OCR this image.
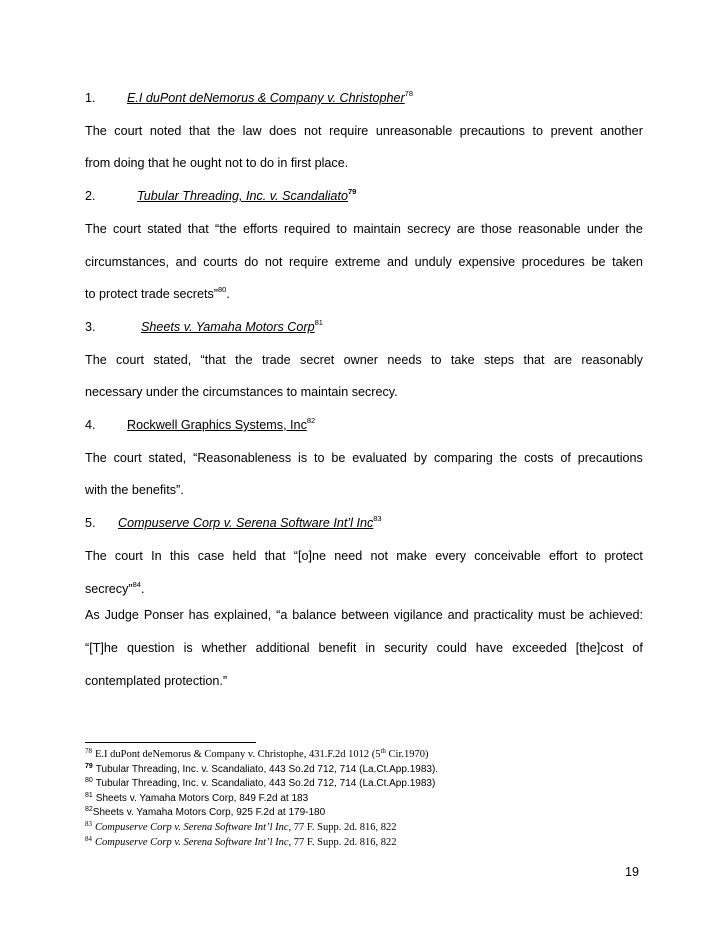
1. E.I duPont deNemorus & Company v. Christopher$^{78}$
The court noted that the law does not require unreasonable precautions to prevent another
from doing that he ought not to do in first place.
2.	Tubular Threading, Inc. v. Scandaliato$^{79}$
The court stated that “the efforts required to maintain secrecy are those reasonable under the
circumstances, and courts do not require extreme and unduly expensive procedures be taken
to protect trade secrets”$^{80}$.
3.	Sheets v. Yamaha Motors Corp$^{81}$
The court stated, “that the trade secret owner needs to take steps that are reasonably
necessary under the circumstances to maintain secrecy.
4. Rockwell Graphics Systems, Inc$^{82}$
The court stated, “Reasonableness is to be evaluated by comparing the costs of precautions
with the benefits”.
5. Compuserve Corp v. Serena Software Int’l Inc$^{83}$
The court In this case held that “[o]ne need not make every conceivable effort to protect
secrecy”$^{84}$.
As Judge Ponser has explained, “a balance between vigilance and practicality must be achieved:
“[T]he question is whether additional benefit in security could have exceeded [the]cost of
contemplated protection.”
$^{78}$ E.I duPont deNemorus & Company v. Christophe, 431.F.2d 1012 (5th Cir.1970)
$^{79}$ Tubular Threading, Inc. v. Scandaliato, 443 So.2d 712, 714 (La.Ct.App.1983).
$^{80}$ Tubular Threading, Inc. v. Scandaliato, 443 So.2d 712, 714 (La.Ct.App.1983)
$^{81}$ Sheets v. Yamaha Motors Corp, 849 F.2d at 183
$^{82}$Sheets v. Yamaha Motors Corp, 925 F.2d at 179-180
$^{83}$ Compuserve Corp v. Serena Software Int’l Inc, 77 F. Supp. 2d. 816, 822
$^{84}$ Compuserve Corp v. Serena Software Int’l Inc, 77 F. Supp. 2d. 816, 822
19
